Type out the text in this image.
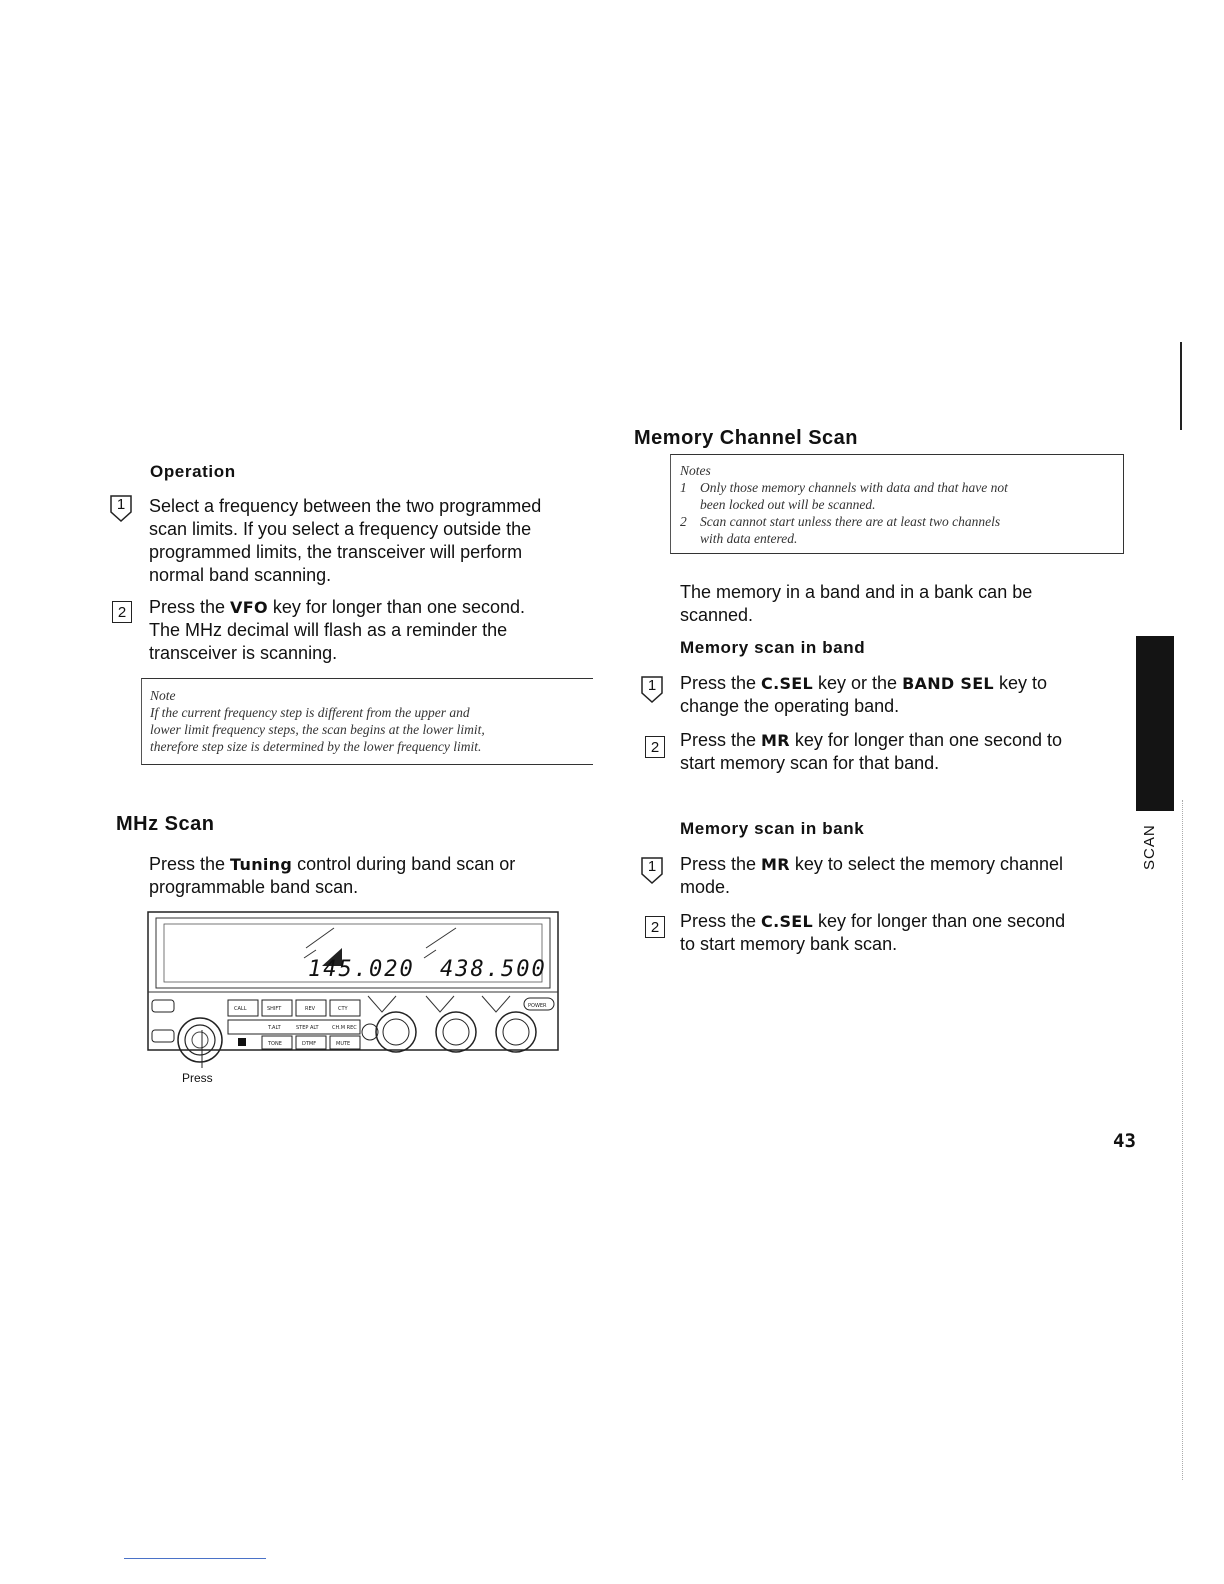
Operation
1	Select a frequency between the two programmed
scan limits. If you select a frequency outside the
programmed limits, the transceiver will perform
normal band scanning.
2	Press the VFO key for longer than one second.
The MHz decimal will flash as a reminder the
transceiver is scanning.
Note
If the current frequency step is different from the upper and
lower limit frequency steps, the scan begins at the lower limit,
therefore step size is determined by the lower frequency limit.
MHz Scan
Press the Tuning control during band scan or
programmable band scan.
145.020 438.500
CALL	SHIFT	REV	CTY
T.ALT	STEP ALT	CH.M REC
TONE	DTMF	MUTE
POWER
Press
Memory Channel Scan
Notes
1 Only those memory channels with data and that have not
been locked out will be scanned.
2 Scan cannot start unless there are at least two channels
with data entered.
The memory in a band and in a bank can be
scanned.
Memory scan in band
1	Press the C.SEL key or the BAND SEL key to
change the operating band.
2	Press the MR key for longer than one second to
start memory scan for that band.
Memory scan in bank
1	Press the MR key to select the memory channel
mode.
2	Press the C.SEL key for longer than one second
to start memory bank scan.
SCAN
43
